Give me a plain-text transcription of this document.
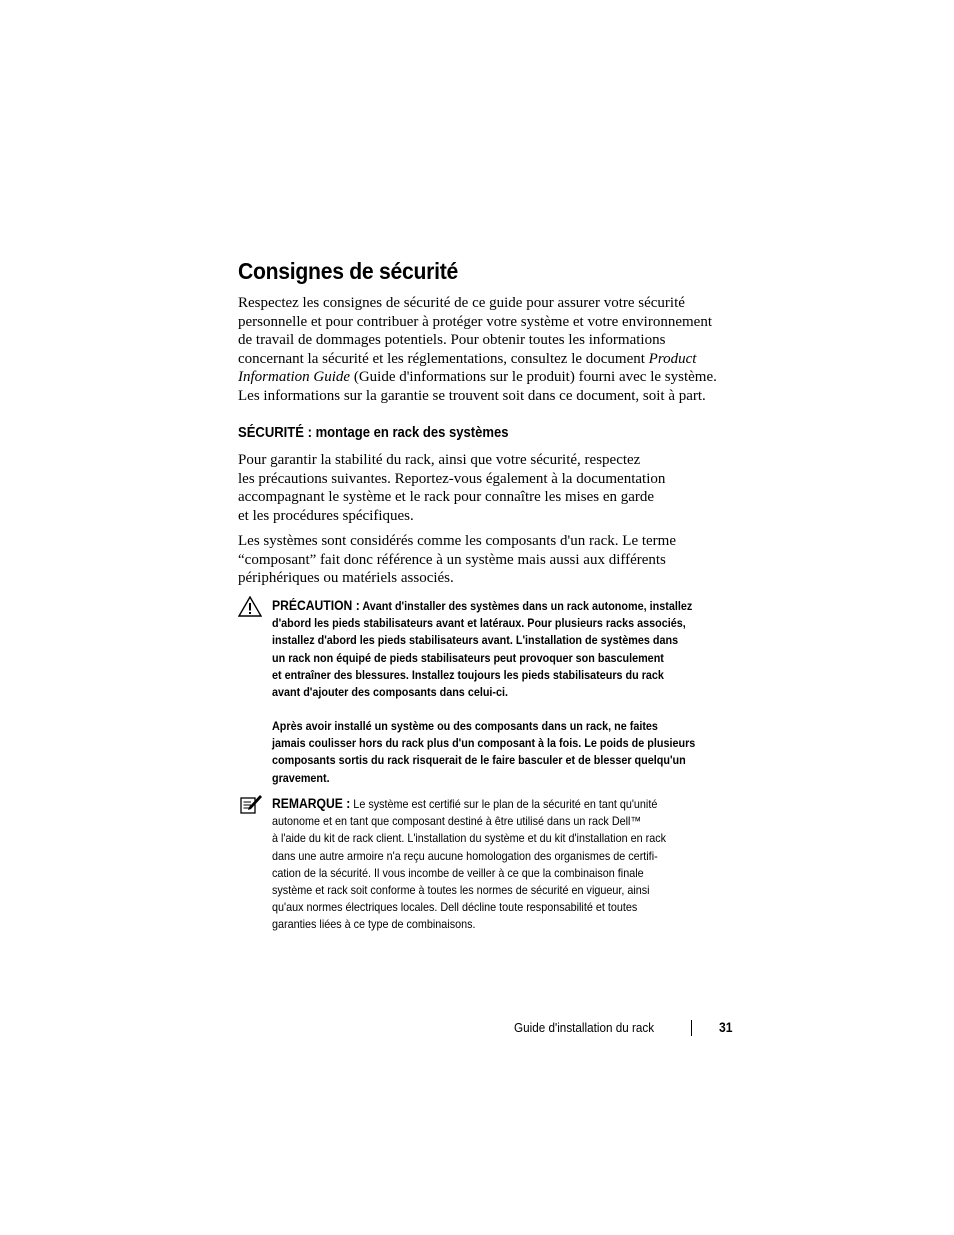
Consignes de sécurité
Respectez les consignes de sécurité de ce guide pour assurer votre sécurité
personnelle et pour contribuer à protéger votre système et votre environnement
de travail de dommages potentiels. Pour obtenir toutes les informations
concernant la sécurité et les réglementations, consultez le document Product
Information Guide (Guide d'informations sur le produit) fourni avec le système.
Les informations sur la garantie se trouvent soit dans ce document, soit à part.
SÉCURITÉ : montage en rack des systèmes
Pour garantir la stabilité du rack, ainsi que votre sécurité, respectez
les précautions suivantes. Reportez-vous également à la documentation
accompagnant le système et le rack pour connaître les mises en garde
et les procédures spécifiques.
Les systèmes sont considérés comme les composants d'un rack. Le terme
“composant” fait donc référence à un système mais aussi aux différents
périphériques ou matériels associés.
PRÉCAUTION : Avant d'installer des systèmes dans un rack autonome, installez
d'abord les pieds stabilisateurs avant et latéraux. Pour plusieurs racks associés,
installez d'abord les pieds stabilisateurs avant. L'installation de systèmes dans
un rack non équipé de pieds stabilisateurs peut provoquer son basculement
et entraîner des blessures. Installez toujours les pieds stabilisateurs du rack
avant d'ajouter des composants dans celui-ci.
Après avoir installé un système ou des composants dans un rack, ne faites
jamais coulisser hors du rack plus d'un composant à la fois. Le poids de plusieurs
composants sortis du rack risquerait de le faire basculer et de blesser quelqu'un
gravement.
REMARQUE : Le système est certifié sur le plan de la sécurité en tant qu'unité
autonome et en tant que composant destiné à être utilisé dans un rack Dell™
à l'aide du kit de rack client. L'installation du système et du kit d'installation en rack
dans une autre armoire n'a reçu aucune homologation des organismes de certifi-
cation de la sécurité. Il vous incombe de veiller à ce que la combinaison finale
système et rack soit conforme à toutes les normes de sécurité en vigueur, ainsi
qu'aux normes électriques locales. Dell décline toute responsabilité et toutes
garanties liées à ce type de combinaisons.
Guide d'installation du rack	31
